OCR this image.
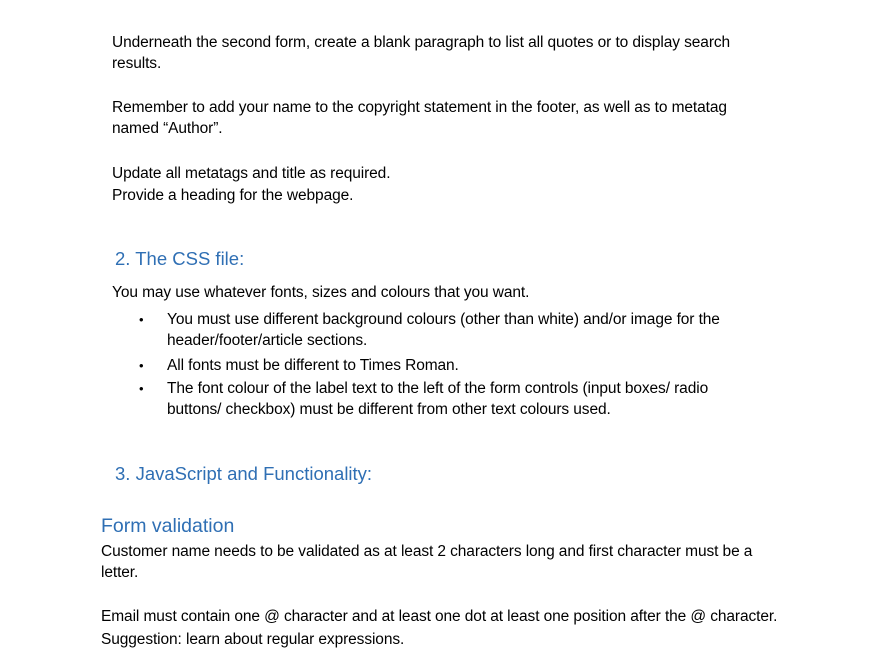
Underneath the second form, create a blank paragraph to list all quotes or to display search results.

Remember to add your name to the copyright statement in the footer, as well as to metatag named “Author”.

Update all metatags and title as required.

Provide a heading for the webpage.

2. The CSS file:

You may use whatever fonts, sizes and colours that you want.

• You must use different background colours (other than white) and/or image for the header/footer/article sections.
• All fonts must be different to Times Roman.
• The font colour of the label text to the left of the form controls (input boxes/ radio buttons/ checkbox) must be different from other text colours used.
3. JavaScript and Functionality:
Form validation

Customer name needs to be validated as at least 2 characters long and first character must be a letter.

Email must contain one @ character and at least one dot at least one position after the @ character.

Suggestion: learn about regular expressions.
